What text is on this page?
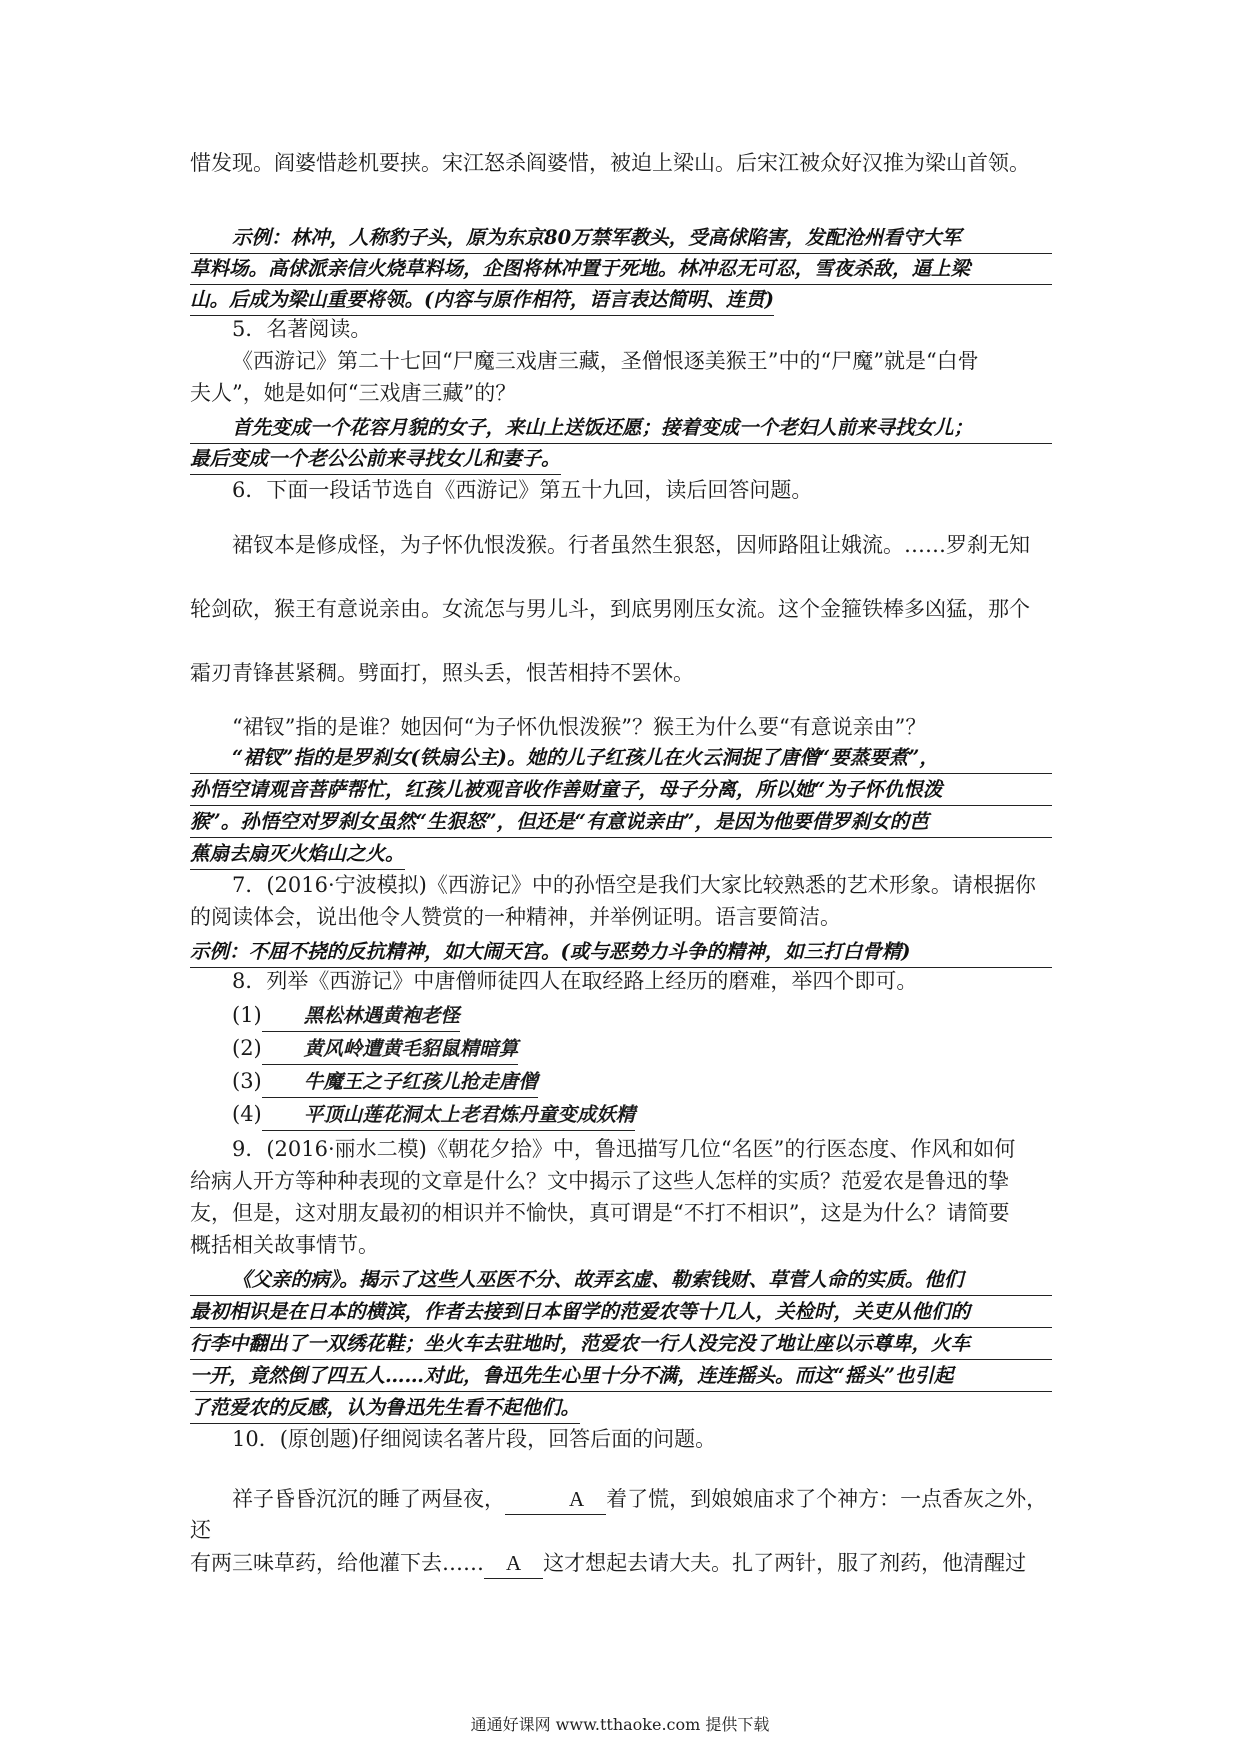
惜发现。阎婆惜趁机要挟。宋江怒杀阎婆惜，被迫上梁山。后宋江被众好汉推为梁山首领。
示例：林冲，人称豹子头，原为东京80万禁军教头，受高俅陷害，发配沧州看守大军
草料场。高俅派亲信火烧草料场，企图将林冲置于死地。林冲忍无可忍，雪夜杀敌，逼上梁
山。后成为梁山重要将领。(内容与原作相符，语言表达简明、连贯)
5．名著阅读。
《西游记》第二十七回“尸魔三戏唐三藏，圣僧恨逐美猴王”中的“尸魔”就是“白骨
夫人”，她是如何“三戏唐三藏”的？
首先变成一个花容月貌的女子，来山上送饭还愿；接着变成一个老妇人前来寻找女儿；
最后变成一个老公公前来寻找女儿和妻子。
6．下面一段话节选自《西游记》第五十九回，读后回答问题。
裙钗本是修成怪，为子怀仇恨泼猴。行者虽然生狠怒，因师路阻让娥流。……罗刹无知
轮剑砍，猴王有意说亲由。女流怎与男儿斗，到底男刚压女流。这个金箍铁棒多凶猛，那个
霜刃青锋甚紧稠。劈面打，照头丢，恨苦相持不罢休。
“裙钗”指的是谁？她因何“为子怀仇恨泼猴”？猴王为什么要“有意说亲由”？
“裙钗”指的是罗刹女(铁扇公主)。她的儿子红孩儿在火云洞捉了唐僧“要蒸要煮”，
孙悟空请观音菩萨帮忙，红孩儿被观音收作善财童子，母子分离，所以她“为子怀仇恨泼
猴”。孙悟空对罗刹女虽然“生狠怒”，但还是“有意说亲由”，是因为他要借罗刹女的芭
蕉扇去扇灭火焰山之火。
7．(2016·宁波模拟)《西游记》中的孙悟空是我们大家比较熟悉的艺术形象。请根据你
的阅读体会，说出他令人赞赏的一种精神，并举例证明。语言要简洁。
示例：不屈不挠的反抗精神，如大闹天宫。(或与恶势力斗争的精神，如三打白骨精)
8．列举《西游记》中唐僧师徒四人在取经路上经历的磨难，举四个即可。
(1) 黑松林遇黄袍老怪
(2) 黄风岭遭黄毛貂鼠精暗算
(3) 牛魔王之子红孩儿抢走唐僧
(4) 平顶山莲花洞太上老君炼丹童变成妖精
9．(2016·丽水二模)《朝花夕拾》中，鲁迅描写几位“名医”的行医态度、作风和如何
给病人开方等种种表现的文章是什么？文中揭示了这些人怎样的实质？范爱农是鲁迅的挚
友，但是，这对朋友最初的相识并不愉快，真可谓是“不打不相识”，这是为什么？请简要
概括相关故事情节。
《父亲的病》。揭示了这些人巫医不分、故弄玄虚、勒索钱财、草菅人命的实质。他们
最初相识是在日本的横滨，作者去接到日本留学的范爱农等十几人，关检时，关吏从他们的
行李中翻出了一双绣花鞋；坐火车去驻地时，范爱农一行人没完没了地让座以示尊卑，火车
一开，竟然倒了四五人……对此，鲁迅先生心里十分不满，连连摇头。而这“摇头”也引起
了范爱农的反感，认为鲁迅先生看不起他们。
10．(原创题)仔细阅读名著片段，回答后面的问题。
祥子昏昏沉沉的睡了两昼夜，	A 着了慌，到娘娘庙求了个神方：一点香灰之外，还
有两三味草药，给他灌下去…… A 这才想起去请大夫。扎了两针，服了剂药，他清醒过
通通好课网 www.tthaoke.com 提供下载
